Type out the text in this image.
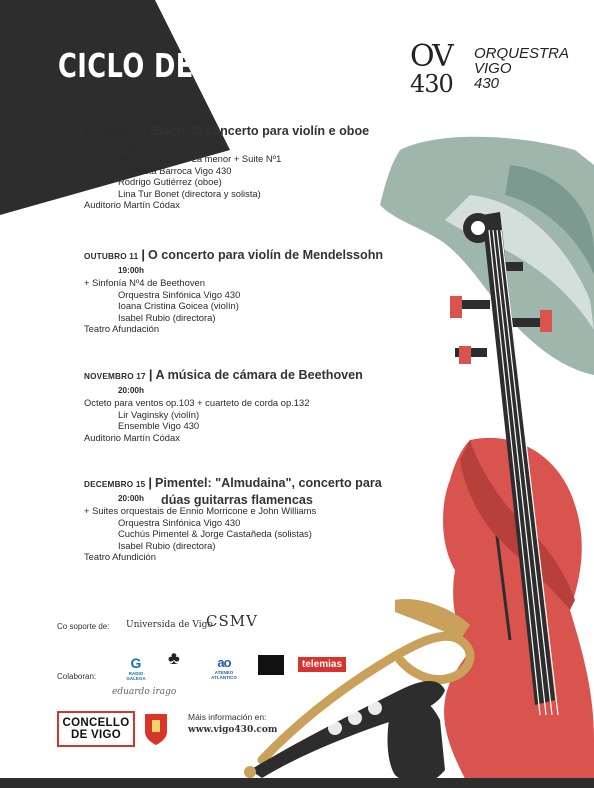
CICLO DE OUTONO 2020
OV
430
ORQUESTRA
VIGO
430
SETEMBRO 27 | Bach: O concerto para violín e oboe
19:00h
+ Concerto para violín en La menor + Suite Nº1
Orquesta Barroca Vigo 430
Rodrigo Gutiérrez (oboe)
Lina Tur Bonet (directora y solista)
Auditorio Martín Códax
OUTUBRO 11 | O concerto para violín de Mendelssohn
19:00h
+ Sinfonía Nº4 de Beethoven
Orquestra Sinfónica Vigo 430
Ioana Cristina Goicea (violín)
Isabel Rubio (directora)
Teatro Afundación
NOVEMBRO 17 | A música de cámara de Beethoven
20:00h
Octeto para ventos op.103 + cuarteto de corda op.132
Lir Vaginsky (violín)
Ensemble Vigo 430
Auditorio Martín Códax
DECEMBRO 15 | Pimentel: "Almudaina", concerto para
dúas guitarras flamencas
20:00h
+ Suites orquestais de Ennio Morricone e John Williams
Orquestra Sinfónica Vigo 430
Cuchús Pimentel & Jorge Castañeda (solistas)
Isabel Rubio (directora)
Teatro Afundición
Co soporte de: Universida de Vigo
CSMV
Colaboran:
G
RADIO GALEGA
♣	ao
ATENEO ATLÁNTICO
telemias
eduardo irago
CONCELLO
DE VIGO
Máis información en:
www.vigo430.com
